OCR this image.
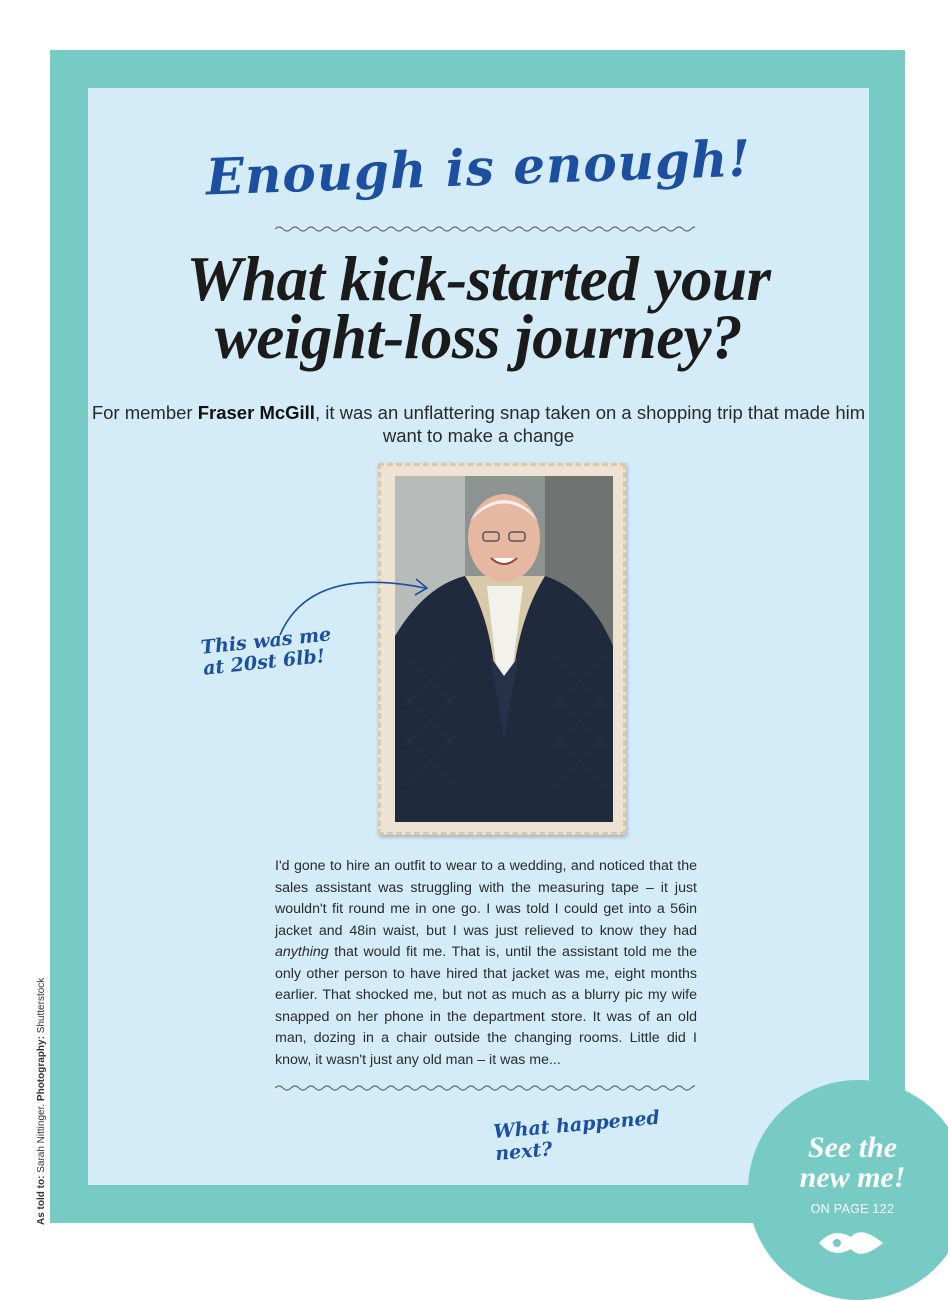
Enough is enough!
What kick-started your
weight-loss journey?
For member Fraser McGill, it was an unflattering snap taken on a shopping trip that made him want to make a change
This was me
at 20st 6lb!
I'd gone to hire an outfit to wear to a wedding, and noticed that the sales assistant was struggling with the measuring tape – it just wouldn't fit round me in one go. I was told I could get into a 56in jacket and 48in waist, but I was just relieved to know they had anything that would fit me. That is, until the assistant told me the only other person to have hired that jacket was me, eight months earlier. That shocked me, but not as much as a blurry pic my wife snapped on her phone in the department store. It was of an old man, dozing in a chair outside the changing rooms. Little did I know, it wasn't just any old man – it was me...
What happened next?	See the
new me!
ON PAGE 122
As told to: Sarah Nittinger. Photography: Shutterstock
